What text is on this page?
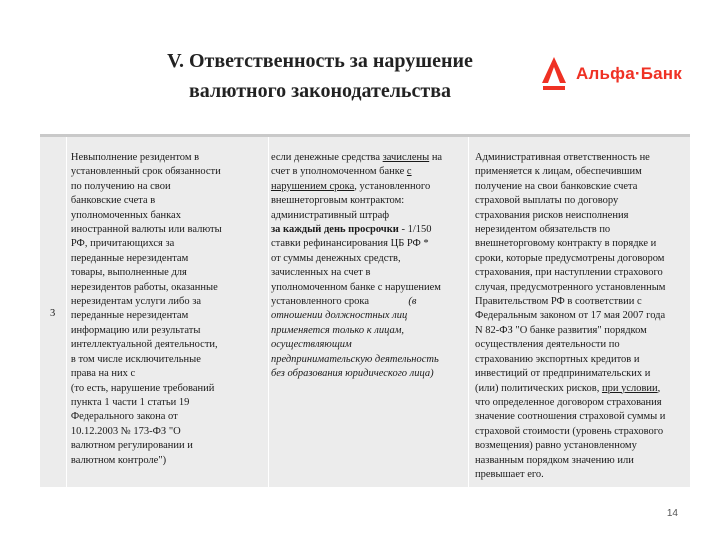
V. Ответственность за нарушение
валютного законодательства
Альфа·Банк
3
Невыполнение резидентом в
установленный срок обязанности
по получению на свои
банковские счета в
уполномоченных банках
иностранной валюты или валюты
РФ, причитающихся за
переданные нерезидентам
товары, выполненные для
нерезидентов работы, оказанные
нерезидентам услуги либо за
переданные нерезидентам
информацию или результаты
интеллектуальной деятельности,
в том числе исключительные
права на них с
(то есть, нарушение требований
пункта 1 части 1 статьи 19
Федерального закона от
10.12.2003 № 173-ФЗ "О
валютном регулировании и
валютном контроле")
если денежные средства зачислены на
счет в уполномоченном банке с
нарушением срока, установленного
внешнеторговым контрактом:
административный штраф
за каждый день просрочки - 1/150
ставки рефинансирования ЦБ РФ *
от суммы денежных средств,
зачисленных на счет в
уполномоченном банке с нарушением
установленного срока	(в
отношении должностных лиц
применяется только к лицам,
осуществляющим
предпринимательскую деятельность
без образования юридического лица)
Административная ответственность не
применяется к лицам, обеспечившим
получение на свои банковские счета
страховой выплаты по договору
страхования рисков неисполнения
нерезидентом обязательств по
внешнеторговому контракту в порядке и
сроки, которые предусмотрены договором
страхования, при наступлении страхового
случая, предусмотренного установленным
Правительством РФ в соответствии с
Федеральным законом от 17 мая 2007 года
N 82-ФЗ "О банке развития" порядком
осуществления деятельности по
страхованию экспортных кредитов и
инвестиций от предпринимательских и
(или) политических рисков, при условии,
что определенное договором страхования
значение соотношения страховой суммы и
страховой стоимости (уровень страхового
возмещения) равно установленному
названным порядком значению или
превышает его.
14
